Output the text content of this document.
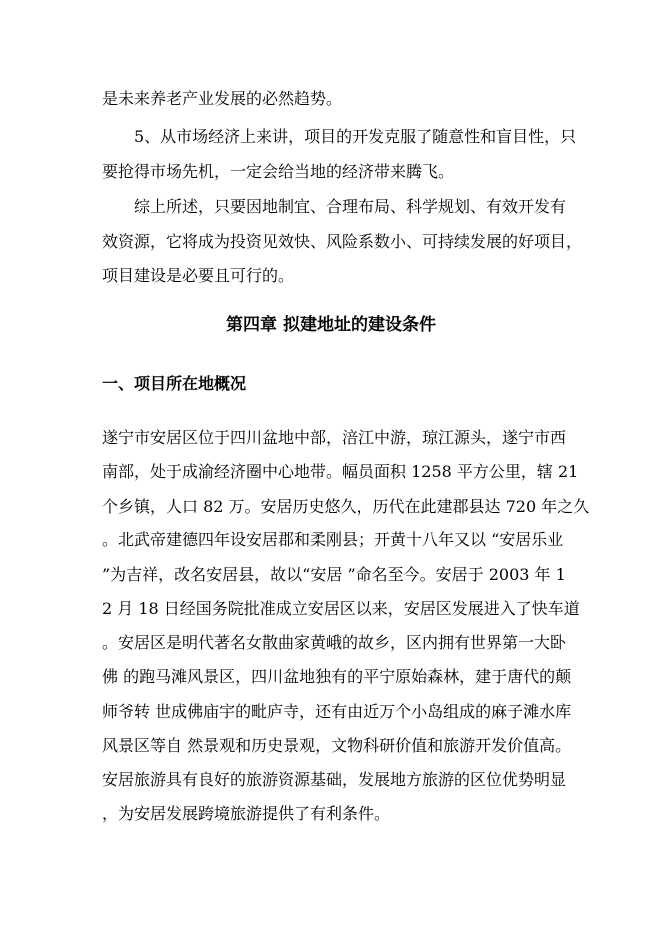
是未来养老产业发展的必然趋势。
5、从市场经济上来讲，项目的开发克服了随意性和盲目性，只
要抢得市场先机，一定会给当地的经济带来腾飞。
综上所述，只要因地制宜、合理布局、科学规划、有效开发有
效资源，它将成为投资见效快、风险系数小、可持续发展的好项目，
项目建设是必要且可行的。
第四章 拟建地址的建设条件
一、项目所在地概况
遂宁市安居区位于四川盆地中部，涪江中游，琼江源头，遂宁市西
南部，处于成渝经济圈中心地带。幅员面积 1258 平方公里，辖 21
个乡镇，人口 82 万。安居历史悠久，历代在此建郡县达 720 年之久
。北武帝建德四年设安居郡和柔刚县；开黄十八年又以 “安居乐业
”为吉祥，改名安居县，故以“安居 ”命名至今。安居于 2003 年 1
2 月 18 日经国务院批准成立安居区以来，安居区发展进入了快车道
。安居区是明代著名女散曲家黄峨的故乡，区内拥有世界第一大卧
佛 的跑马滩风景区，四川盆地独有的平宁原始森林，建于唐代的颠
师爷转 世成佛庙宇的毗庐寺，还有由近万个小岛组成的麻子滩水库
风景区等自 然景观和历史景观，文物科研价值和旅游开发价值高。
安居旅游具有良好的旅游资源基础，发展地方旅游的区位优势明显
，为安居发展跨境旅游提供了有利条件。
